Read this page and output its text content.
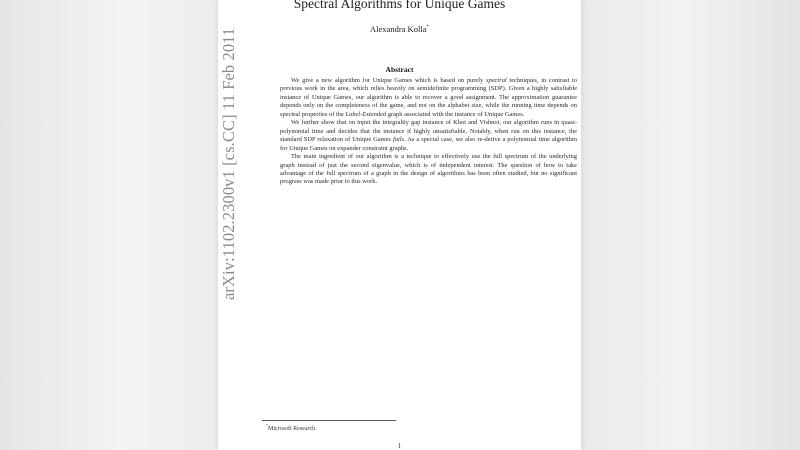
Spectral Algorithms for Unique Games
Alexandra Kolla*
Abstract

We give a new algorithm for Unique Games which is based on purely spectral techniques, in contrast to previous work in the area, which relies heavily on semidefinite programming (SDP). Given a highly satisfiable instance of Unique Games, our algorithm is able to recover a good assignment. The approximation guarantee depends only on the completeness of the game, and not on the alphabet size, while the running time depends on spectral properties of the Label-Extended graph associated with the instance of Unique Games.

We further show that on input the integrality gap instance of Khot and Vishnoi, our algorithm runs in quasi-polynomial time and decides that the instance if highly unsatisfiable. Notably, when run on this instance, the standard SDP relaxation of Unique Games fails. As a special case, we also re-derive a polynomial time algorithm for Unique Games on expander constraint graphs.

The main ingredient of our algorithm is a technique to effectively use the full spectrum of the underlying graph instead of just the second eigenvalue, which is of independent interest. The question of how to take advantage of the full spectrum of a graph in the design of algorithms has been often studied, but no significant progress was made prior to this work.

*Microsoft Research.
1
arXiv:1102.2300v1 [cs.CC] 11 Feb 2011
